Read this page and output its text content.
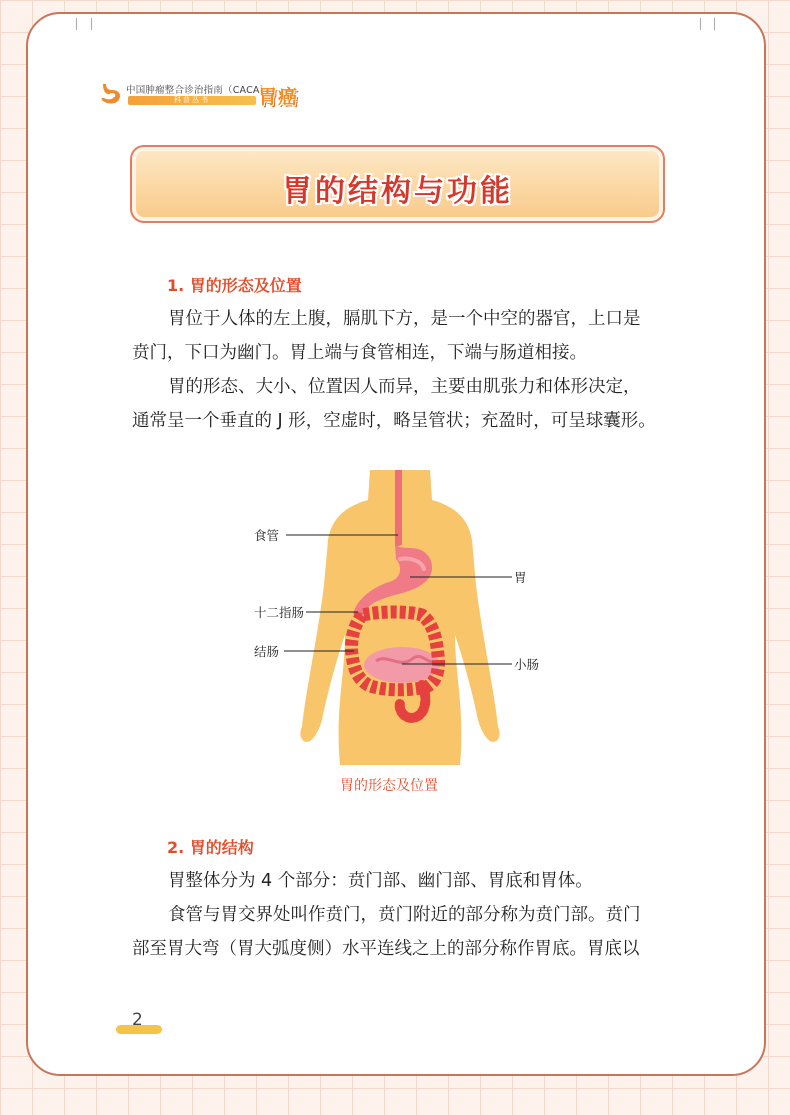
中国肿瘤整合诊治指南（CACA）
科普丛书	胃癌
胃的结构与功能
1. 胃的形态及位置
胃位于人体的左上腹，膈肌下方，是一个中空的器官，上口是
贲门，下口为幽门。胃上端与食管相连，下端与肠道相接。
胃的形态、大小、位置因人而异，主要由肌张力和体形决定，
通常呈一个垂直的 J 形，空虚时，略呈管状；充盈时，可呈球囊形。
食管
胃
十二指肠
结肠
小肠
胃的形态及位置
2. 胃的结构
胃整体分为 4 个部分：贲门部、幽门部、胃底和胃体。
食管与胃交界处叫作贲门，贲门附近的部分称为贲门部。贲门
部至胃大弯（胃大弧度侧）水平连线之上的部分称作胃底。胃底以
2
